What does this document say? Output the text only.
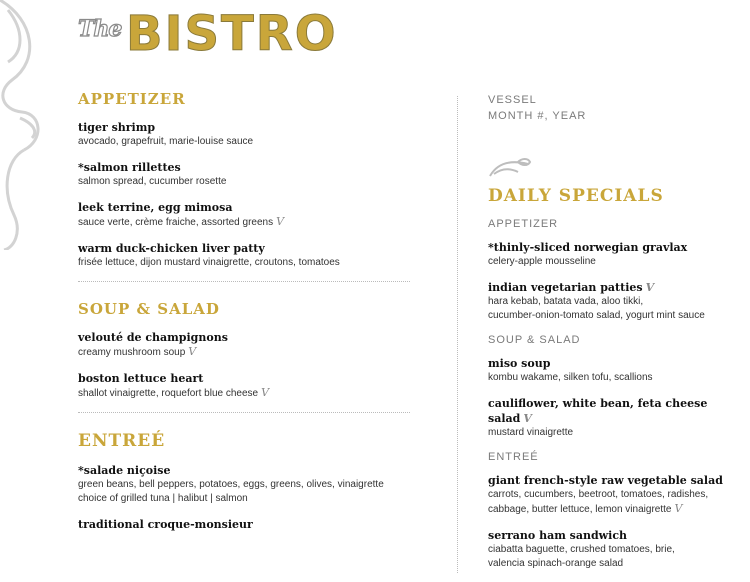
The BISTRO
APPETIZER
tiger shrimp
avocado, grapefruit, marie-louise sauce
*salmon rillettes
salmon spread, cucumber rosette
leek terrine, egg mimosa
sauce verte, crème fraiche, assorted greens V
warm duck-chicken liver patty
frisée lettuce, dijon mustard vinaigrette, croutons, tomatoes
SOUP & SALAD
velouté de champignons
creamy mushroom soup V
boston lettuce heart
shallot vinaigrette, roquefort blue cheese V
ENTREÉ
*salade niçoise
green beans, bell peppers, potatoes, eggs, greens, olives, vinaigrette
choice of grilled tuna | halibut | salmon
traditional croque-monsieur
VESSEL
MONTH #, YEAR
DAILY SPECIALS
APPETIZER
*thinly-sliced norwegian gravlax
celery-apple mousseline
indian vegetarian patties V
hara kebab, batata vada, aloo tikki,
cucumber-onion-tomato salad, yogurt mint sauce
SOUP & SALAD
miso soup
kombu wakame, silken tofu, scallions
cauliflower, white bean, feta cheese salad V
mustard vinaigrette
ENTREÉ
giant french-style raw vegetable salad
carrots, cucumbers, beetroot, tomatoes, radishes,
cabbage, butter lettuce, lemon vinaigrette V
serrano ham sandwich
ciabatta baguette, crushed tomatoes, brie,
valencia spinach-orange salad
